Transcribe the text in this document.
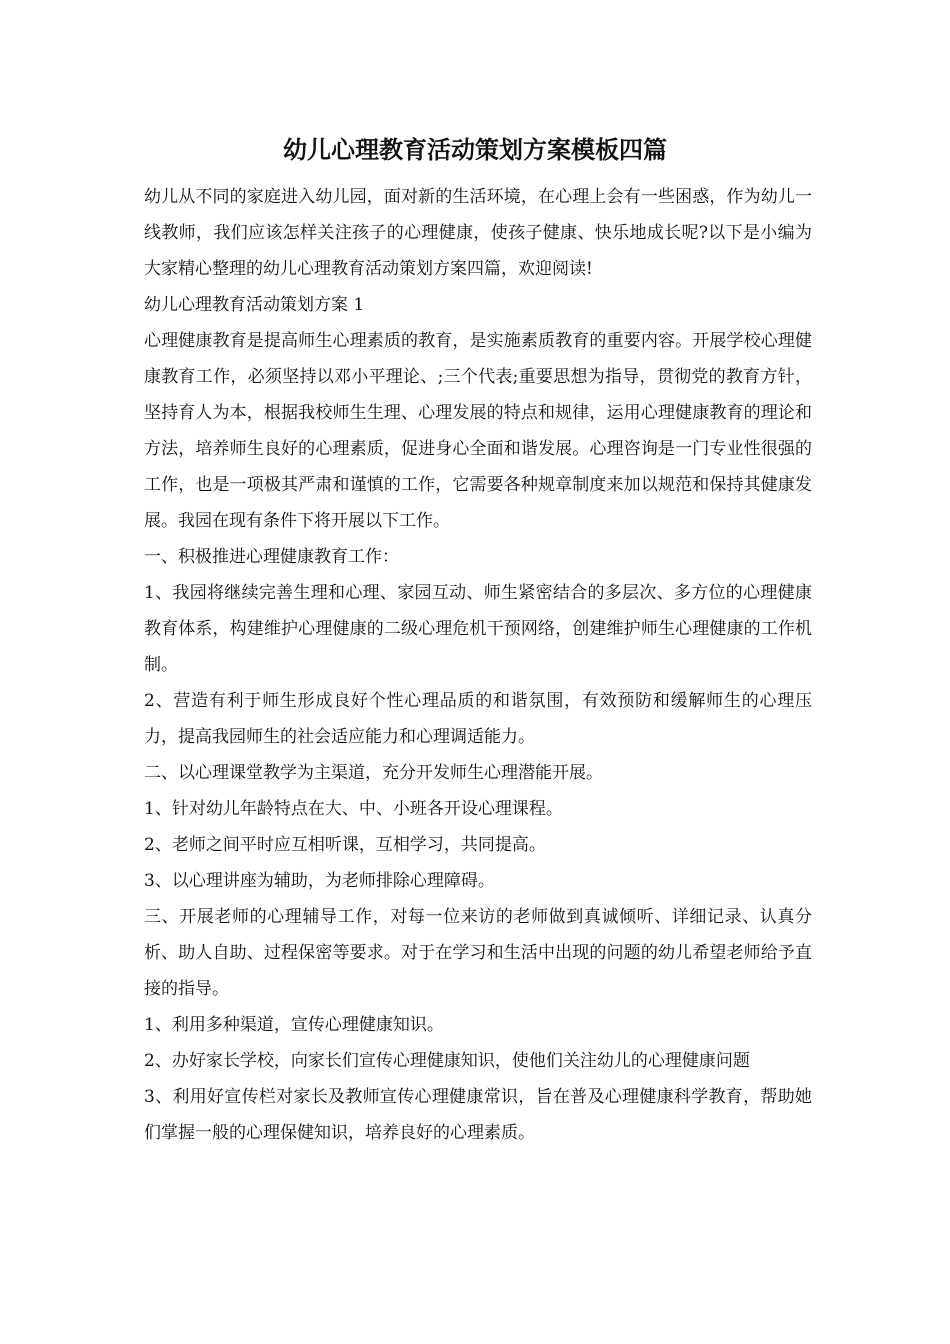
幼儿心理教育活动策划方案模板四篇

幼儿从不同的家庭进入幼儿园，面对新的生活环境，在心理上会有一些困惑，作为幼儿一线教师，我们应该怎样关注孩子的心理健康，使孩子健康、快乐地成长呢?以下是小编为大家精心整理的幼儿心理教育活动策划方案四篇，欢迎阅读!

幼儿心理教育活动策划方案 1

心理健康教育是提高师生心理素质的教育，是实施素质教育的重要内容。开展学校心理健康教育工作，必须坚持以邓小平理论、;三个代表;重要思想为指导，贯彻党的教育方针，坚持育人为本，根据我校师生生理、心理发展的特点和规律，运用心理健康教育的理论和方法，培养师生良好的心理素质，促进身心全面和谐发展。心理咨询是一门专业性很强的工作，也是一项极其严肃和谨慎的工作，它需要各种规章制度来加以规范和保持其健康发展。我园在现有条件下将开展以下工作。

一、积极推进心理健康教育工作：

1、我园将继续完善生理和心理、家园互动、师生紧密结合的多层次、多方位的心理健康教育体系，构建维护心理健康的二级心理危机干预网络，创建维护师生心理健康的工作机制。

2、营造有利于师生形成良好个性心理品质的和谐氛围，有效预防和缓解师生的心理压力，提高我园师生的社会适应能力和心理调适能力。

二、以心理课堂教学为主渠道，充分开发师生心理潜能开展。

1、针对幼儿年龄特点在大、中、小班各开设心理课程。

2、老师之间平时应互相听课，互相学习，共同提高。

3、以心理讲座为辅助，为老师排除心理障碍。

三、开展老师的心理辅导工作，对每一位来访的老师做到真诚倾听、详细记录、认真分析、助人自助、过程保密等要求。对于在学习和生活中出现的问题的幼儿希望老师给予直接的指导。

1、利用多种渠道，宣传心理健康知识。

2、办好家长学校，向家长们宣传心理健康知识，使他们关注幼儿的心理健康问题

3、利用好宣传栏对家长及教师宣传心理健康常识，旨在普及心理健康科学教育，帮助她们掌握一般的心理保健知识，培养良好的心理素质。
